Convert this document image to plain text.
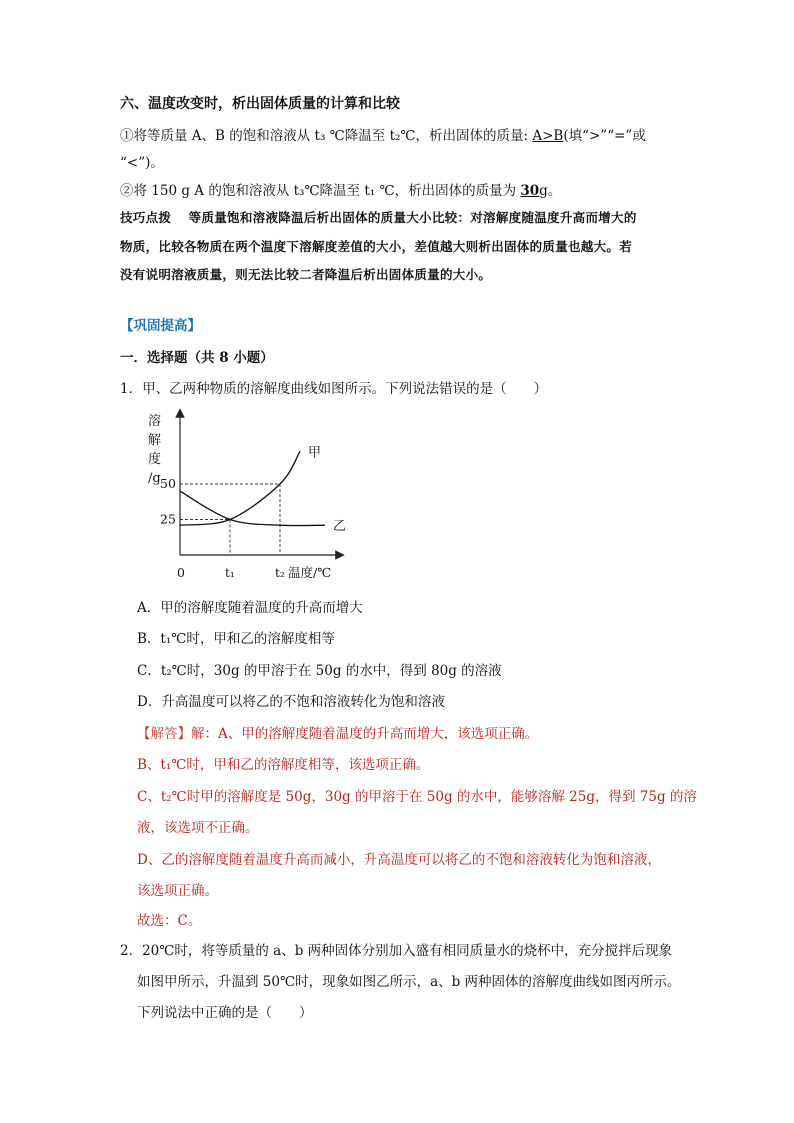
六、温度改变时，析出固体质量的计算和比较
①将等质量 A、B 的饱和溶液从 t₃ ℃降温至 t₂℃，析出固体的质量: A>B(填“>”“=”或
“<”)。
②将 150 g A 的饱和溶液从 t₃℃降温至 t₁ ℃，析出固体的质量为 30g。
技巧点拨　 等质量饱和溶液降温后析出固体的质量大小比较：对溶解度随温度升高而增大的
物质，比较各物质在两个温度下溶解度差值的大小，差值越大则析出固体的质量也越大。若
没有说明溶液质量，则无法比较二者降温后析出固体质量的大小。
【巩固提高】
一．选择题（共 8 小题）
1．甲、乙两种物质的溶解度曲线如图所示。下列说法错误的是（　　）
溶
解
度
/g
0	温度/℃
t₁	t₂
50
25
甲
乙
A．甲的溶解度随着温度的升高而增大
B．t₁℃时，甲和乙的溶解度相等
C．t₂℃时，30g 的甲溶于在 50g 的水中，得到 80g 的溶液
D．升高温度可以将乙的不饱和溶液转化为饱和溶液
【解答】解：A、甲的溶解度随着温度的升高而增大，该选项正确。
B、t₁℃时，甲和乙的溶解度相等，该选项正确。
C、t₂℃时甲的溶解度是 50g，30g 的甲溶于在 50g 的水中，能够溶解 25g，得到 75g 的溶
液，该选项不正确。
D、乙的溶解度随着温度升高而减小，升高温度可以将乙的不饱和溶液转化为饱和溶液，
该选项正确。
故选：C。
2．20℃时，将等质量的 a、b 两种固体分别加入盛有相同质量水的烧杯中，充分搅拌后现象
如图甲所示，升温到 50℃时，现象如图乙所示，a、b 两种固体的溶解度曲线如图丙所示。
下列说法中正确的是（　　）
